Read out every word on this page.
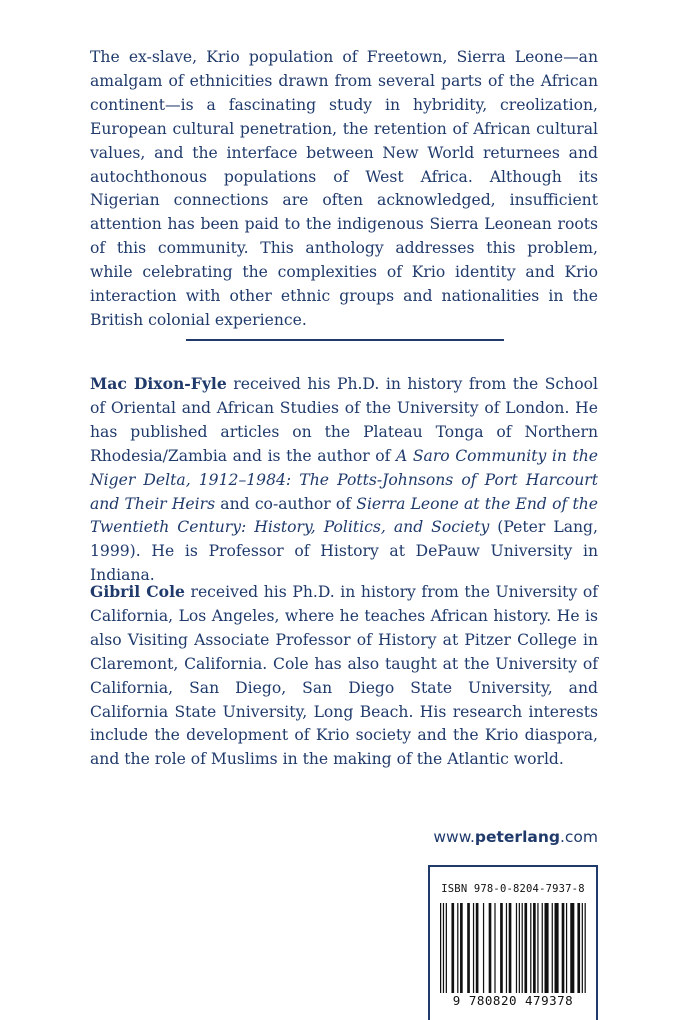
The ex-slave, Krio population of Freetown, Sierra Leone—an amalgam of ethnicities drawn from several parts of the African continent—is a fascinating study in hybridity, creolization, European cultural penetration, the retention of African cultural values, and the interface between New World returnees and autochthonous populations of West Africa. Although its Nigerian connections are often acknowledged, insufficient attention has been paid to the indigenous Sierra Leonean roots of this community. This anthology addresses this problem, while celebrating the complexities of Krio identity and Krio interaction with other ethnic groups and nationalities in the British colonial experience.

Mac Dixon-Fyle received his Ph.D. in history from the School of Oriental and African Studies of the University of London. He has published articles on the Plateau Tonga of Northern Rhodesia/Zambia and is the author of A Saro Community in the Niger Delta, 1912–1984: The Potts-Johnsons of Port Harcourt and Their Heirs and co-author of Sierra Leone at the End of the Twentieth Century: History, Politics, and Society (Peter Lang, 1999). He is Professor of History at DePauw University in Indiana.

Gibril Cole received his Ph.D. in history from the University of California, Los Angeles, where he teaches African history. He is also Visiting Associate Professor of History at Pitzer College in Claremont, California. Cole has also taught at the University of California, San Diego, San Diego State University, and California State University, Long Beach. His research interests include the development of Krio society and the Krio diaspora, and the role of Muslims in the making of the Atlantic world.

www.peterlang.com
ISBN 978-0-8204-7937-8
9 780820 479378
